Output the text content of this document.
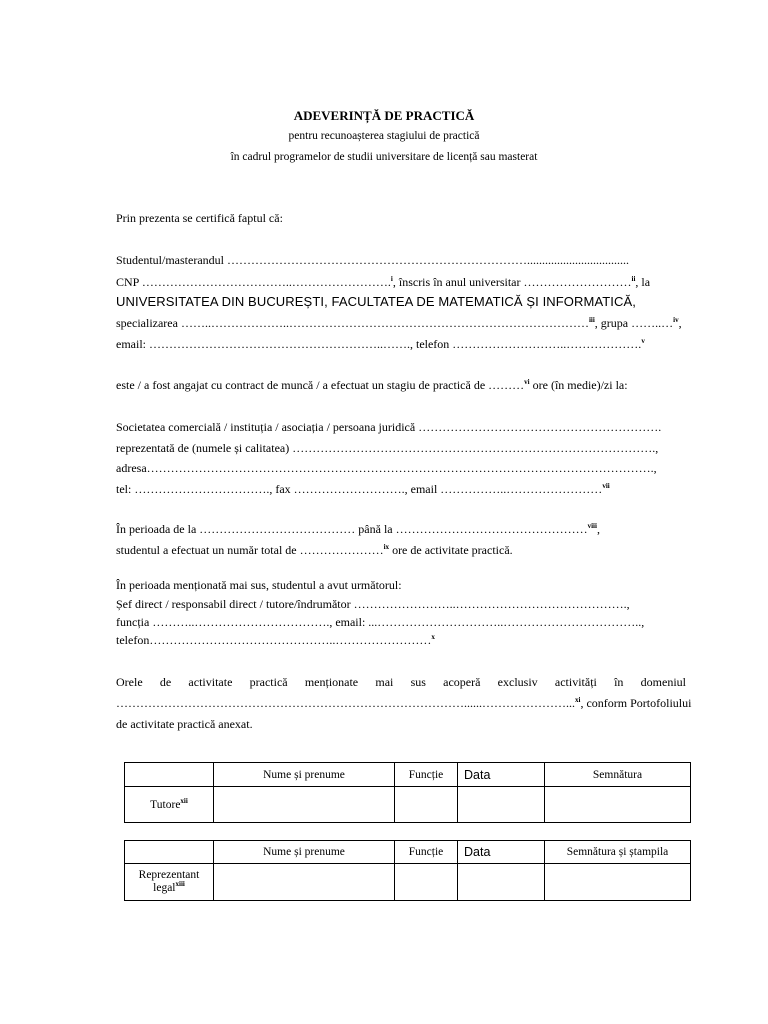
ADEVERINȚĂ DE PRACTICĂ
pentru recunoașterea stagiului de practică
în cadrul programelor de studii universitare de licență sau masterat
Prin prezenta se certifică faptul că:
Studentul/masterandul …………………………………………………………………..................................
CNP ………………………………..…………………….$^i$, înscris în anul universitar ………………………$^{ii}$, la
UNIVERSITATEA DIN BUCUREȘTI, FACULTATEA DE MATEMATICĂ ȘI INFORMATICĂ,
specializarea ……..………………..…………………………………………………………………$^{iii}$, grupa ……..…$^{iv}$,
email: …………………………………………………..……., telefon ………………………..……………….$^v$
este / a fost angajat cu contract de muncă / a efectuat un stagiu de practică de ………$^{vi}$ ore (în medie)/zi la:
Societatea comercială / instituția / asociația / persoana juridică …………………………………………………….
reprezentată de (numele și calitatea) ……………………………………………………………………………….,
adresa……………………………………………………………………………………………………………….,
tel: ……………………………., fax ………………………., email ……………..……………………$^{vii}$
În perioada de la ………………………………… până la …………………………………………$^{viii}$,
studentul a efectuat un număr total de …………………$^{ix}$ ore de activitate practică.
În perioada menționată mai sus, studentul a avut următorul:
Șef direct / responsabil direct / tutore/îndrumător ……………………..…………………………………….,
funcția ………..……………………………., email: ...…………………………..……………………………..,
telefon………………………………………..……………………$^x$
Orele de activitate practică menționate mai sus acoperă exclusiv activități în domeniul
……………………………………………………………………………......…………………...$^{xi}$, conform Portofoliului
de activitate practică anexat.
	Nume și prenume	Funcție	Data	Semnătura
Tutore$^{xii}$				
	Nume și prenume	Funcție	Data	Semnătura și ștampila
Reprezentant
legal$^{xiii}$				
